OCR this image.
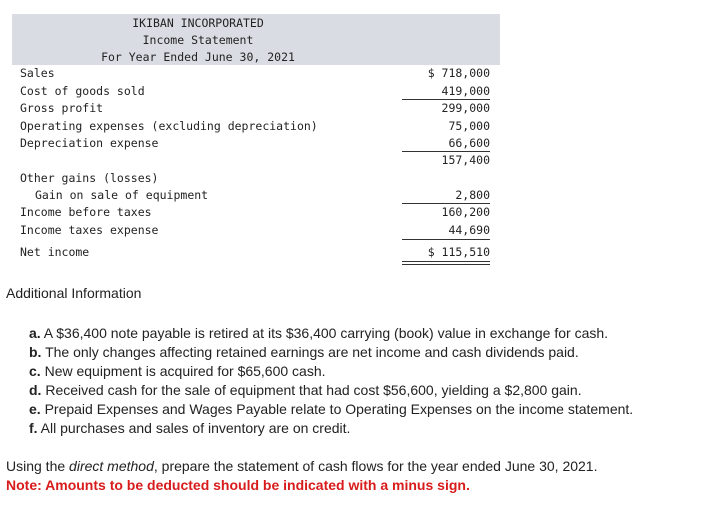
IKIBAN INCORPORATED
Income Statement
For Year Ended June 30, 2021
Sales	$ 718,000
Cost of goods sold	419,000
Gross profit	299,000
Operating expenses (excluding depreciation)	75,000
Depreciation expense	66,600
157,400
Other gains (losses)
Gain on sale of equipment	2,800
Income before taxes	160,200
Income taxes expense	44,690
Net income	$ 115,510
Additional Information
a. A $36,400 note payable is retired at its $36,400 carrying (book) value in exchange for cash.
b. The only changes affecting retained earnings are net income and cash dividends paid.
c. New equipment is acquired for $65,600 cash.
d. Received cash for the sale of equipment that had cost $56,600, yielding a $2,800 gain.
e. Prepaid Expenses and Wages Payable relate to Operating Expenses on the income statement.
f. All purchases and sales of inventory are on credit.
Using the direct method, prepare the statement of cash flows for the year ended June 30, 2021.
Note: Amounts to be deducted should be indicated with a minus sign.
